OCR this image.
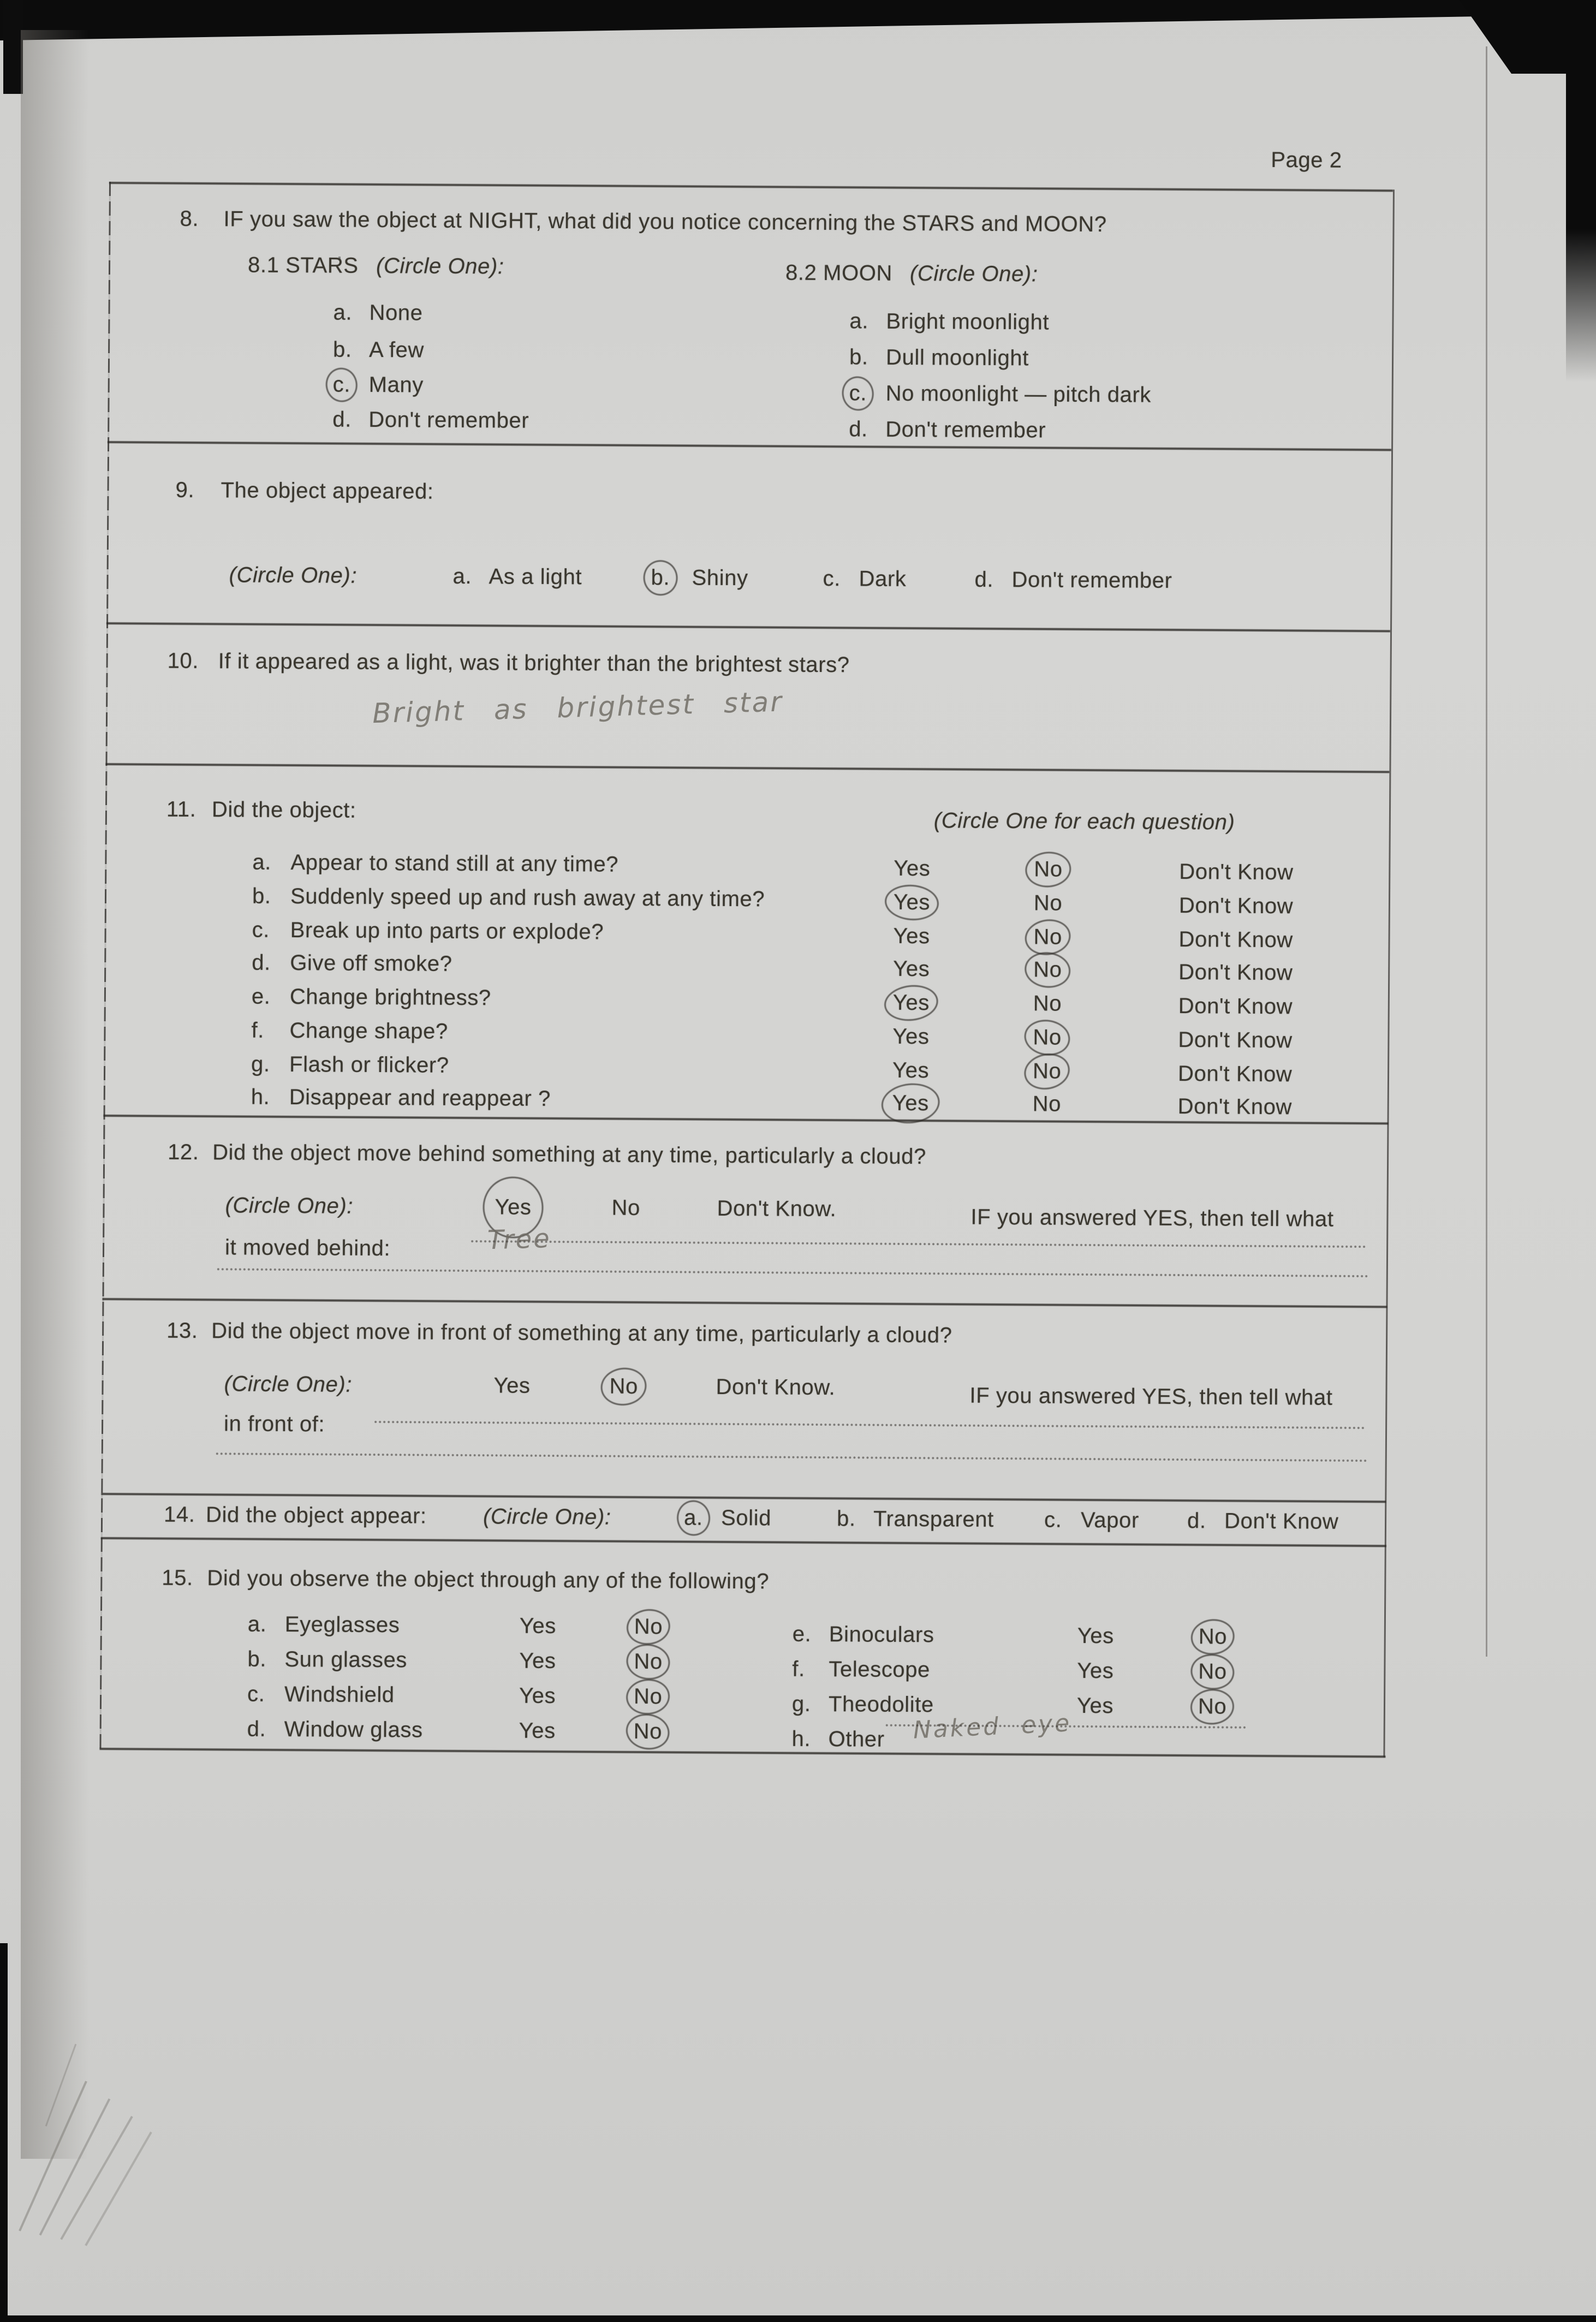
Page 2
8. IF you saw the object at NIGHT, what did you notice concerning the STARS and MOON?
8.1 STARS (Circle One):	8.2 MOON (Circle One):
a. None
b. A few
c. Many
d. Don't remember
a. Bright moonlight
b. Dull moonlight
c. No moonlight — pitch dark
d. Don't remember
9. The object appeared:
(Circle One):	a. As a light	b. Shiny	c. Dark	d. Don't remember
10. If it appeared as a light, was it brighter than the brightest stars?
Bright as brightest star
11. Did the object:	(Circle One for each question)
a. Appear to stand still at any time?	Yes	No	Don't Know
b. Suddenly speed up and rush away at any time?	Yes	No	Don't Know
c. Break up into parts or explode?	Yes	No	Don't Know
d. Give off smoke?	Yes	No	Don't Know
e. Change brightness?	Yes	No	Don't Know
f. Change shape?	Yes	No	Don't Know
g. Flash or flicker?	Yes	No	Don't Know
h. Disappear and reappear ?	Yes	No	Don't Know
12. Did the object move behind something at any time, particularly a cloud?
(Circle One):	Yes	No	Don't Know.	IF you answered YES, then tell what
it moved behind:	Tree
13. Did the object move in front of something at any time, particularly a cloud?
(Circle One):	Yes	No	Don't Know.	IF you answered YES, then tell what
in front of:
14. Did the object appear:	(Circle One):	a. Solid	b. Transparent c. Vapor d. Don't Know
15. Did you observe the object through any of the following?
a. Eyeglasses	Yes	No
b. Sun glasses	Yes	No
c. Windshield	Yes	No
d. Window glass	Yes	No
e. Binoculars	Yes	No
f. Telescope	Yes	No
g. Theodolite	Yes	No
h. Other Naked eye
